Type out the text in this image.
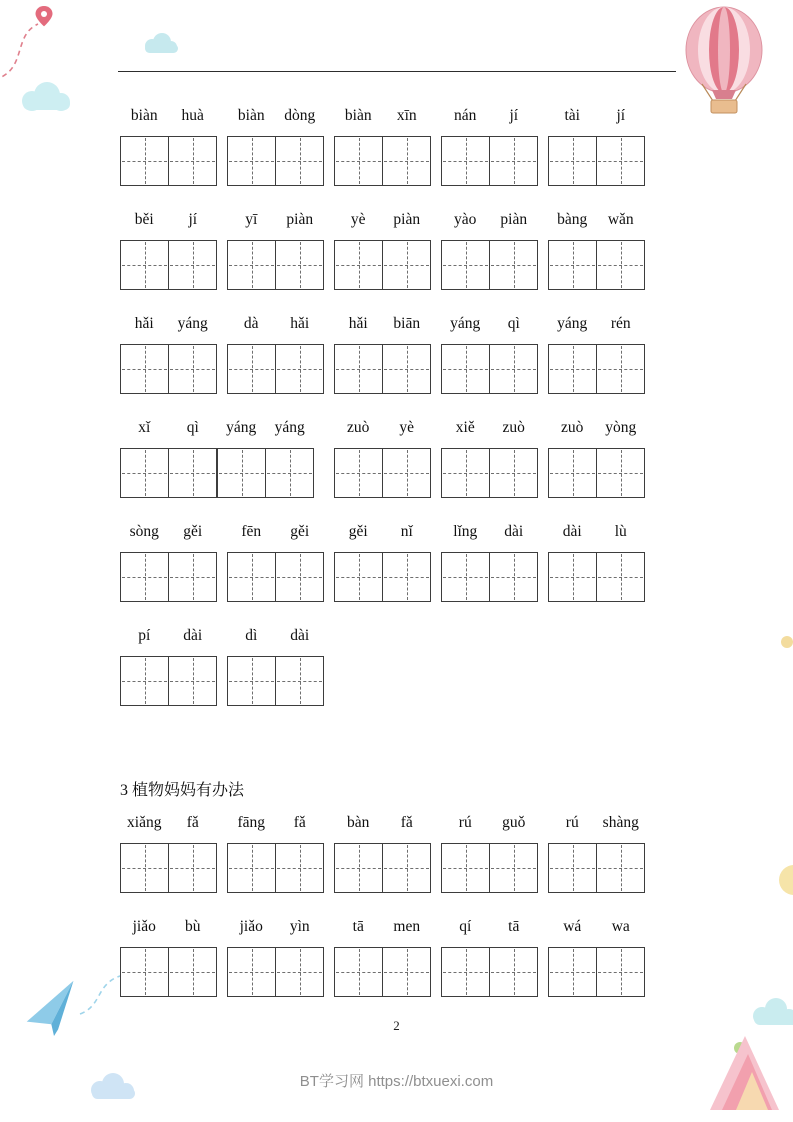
biàn	huà	biàn	dòng	biàn	xīn	nán	jí	tài	jí
běi	jí	yī	piàn	yè	piàn	yào	piàn	bàng	wǎn
hǎi	yáng	dà	hǎi	hǎi	biān	yáng	qì	yáng	rén
xǐ	qì	yáng	yáng	zuò	yè	xiě	zuò	zuò	yòng
sòng	gěi	fēn	gěi	gěi	nǐ	lǐng	dài	dài	lù
pí	dài	dì	dài
3 植物妈妈有办法
xiǎng	fǎ	fāng	fǎ	bàn	fǎ	rú	guǒ	rú	shàng
jiǎo	bù	jiǎo	yìn	tā	men	qí	tā	wá	wa
2
BT学习网 https://btxuexi.com
